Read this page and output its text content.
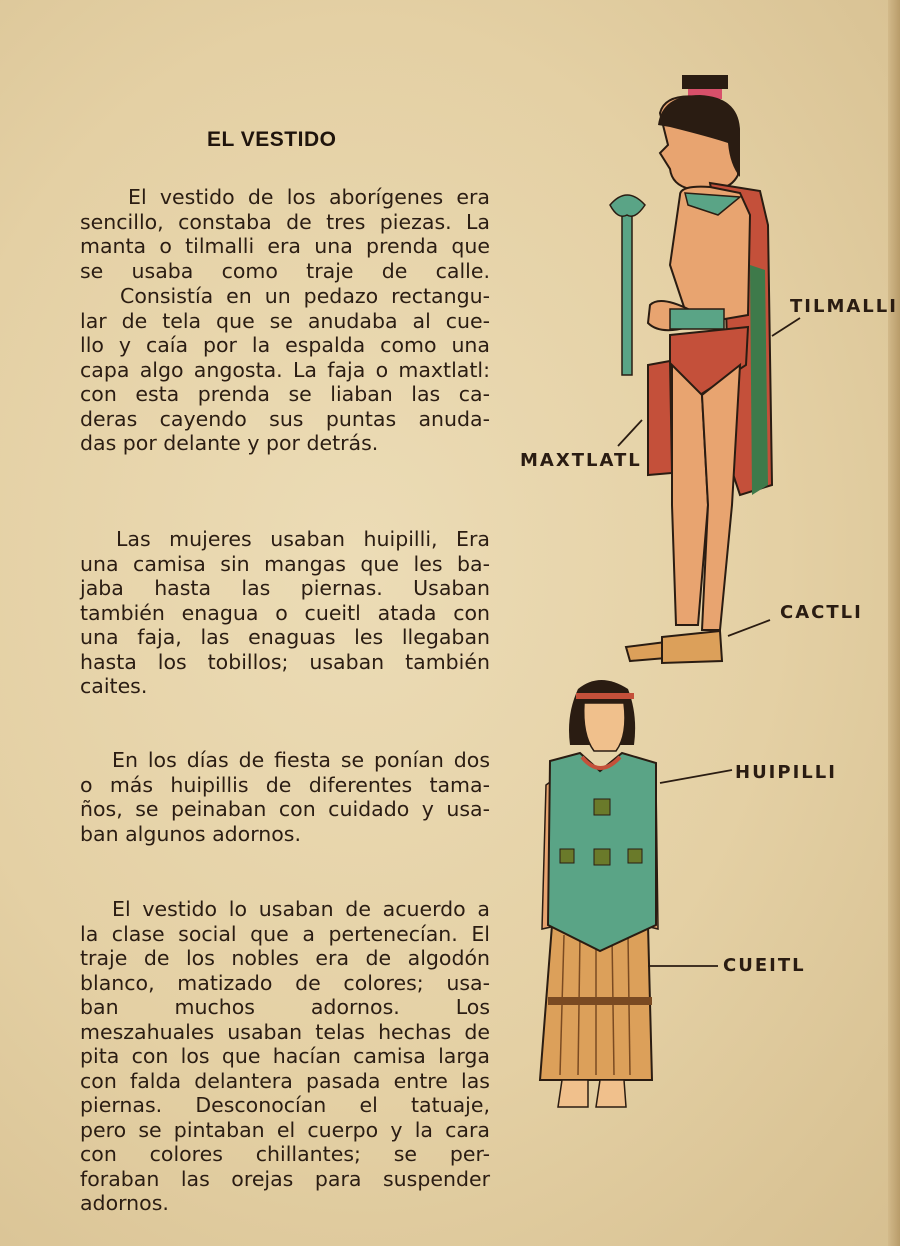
EL VESTIDO
El vestido de los aborígenes era
sencillo, constaba de tres piezas. La
manta o tilmalli era una prenda que
se usaba como traje de calle.
Consistía en un pedazo rectangu-
lar de tela que se anudaba al cue-
llo y caía por la espalda como una
capa algo angosta. La faja o maxtlatl:
con esta prenda se liaban las ca-
deras cayendo sus puntas anuda-
das por delante y por detrás.
Las mujeres usaban huipilli, Era
una camisa sin mangas que les ba-
jaba hasta las piernas. Usaban
también enagua o cueitl atada con
una faja, las enaguas les llegaban
hasta los tobillos; usaban también
caites.
En los días de fiesta se ponían dos
o más huipillis de diferentes tama-
ños, se peinaban con cuidado y usa-
ban algunos adornos.
El vestido lo usaban de acuerdo a
la clase social que a pertenecían. El
traje de los nobles era de algodón
blanco, matizado de colores; usa-
ban muchos adornos. Los
meszahuales usaban telas hechas de
pita con los que hacían camisa larga
con falda delantera pasada entre las
piernas. Desconocían el tatuaje,
pero se pintaban el cuerpo y la cara
con colores chillantes; se per-
foraban las orejas para suspender
adornos.
TILMALLI
MAXTLATL
CACTLI
HUIPILLI
CUEITL
